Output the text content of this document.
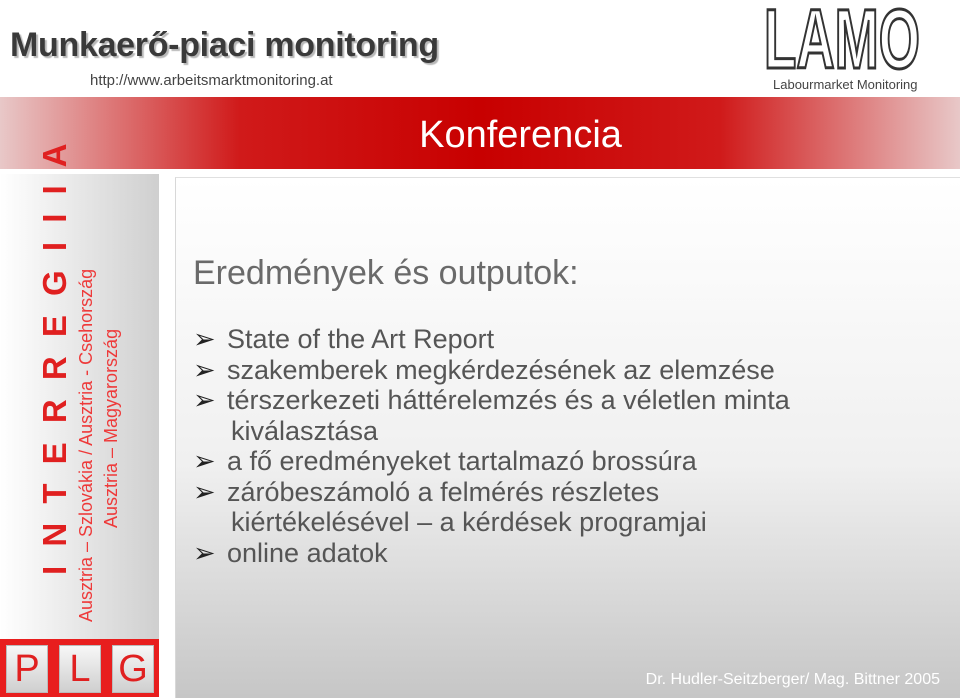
Munkaerő-piaci monitoring
http://www.arbeitsmarktmonitoring.at	LAMO
Labourmarket Monitoring
Konferencia
I N T E R R E G I I I A Ausztria – Szlovákia / Ausztria - Csehország Ausztria – Magyarország
P L G
Eredmények és outputok:
➢ State of the Art Report
➢ szakemberek megkérdezésének az elemzése
➢ térszerkezeti háttérelemzés és a véletlen minta
kiválasztása
➢ a fő eredményeket tartalmazó brossúra
➢ záróbeszámoló a felmérés részletes
kiértékelésével – a kérdések programjai
➢ online adatok
Dr. Hudler-Seitzberger/ Mag. Bittner 2005
